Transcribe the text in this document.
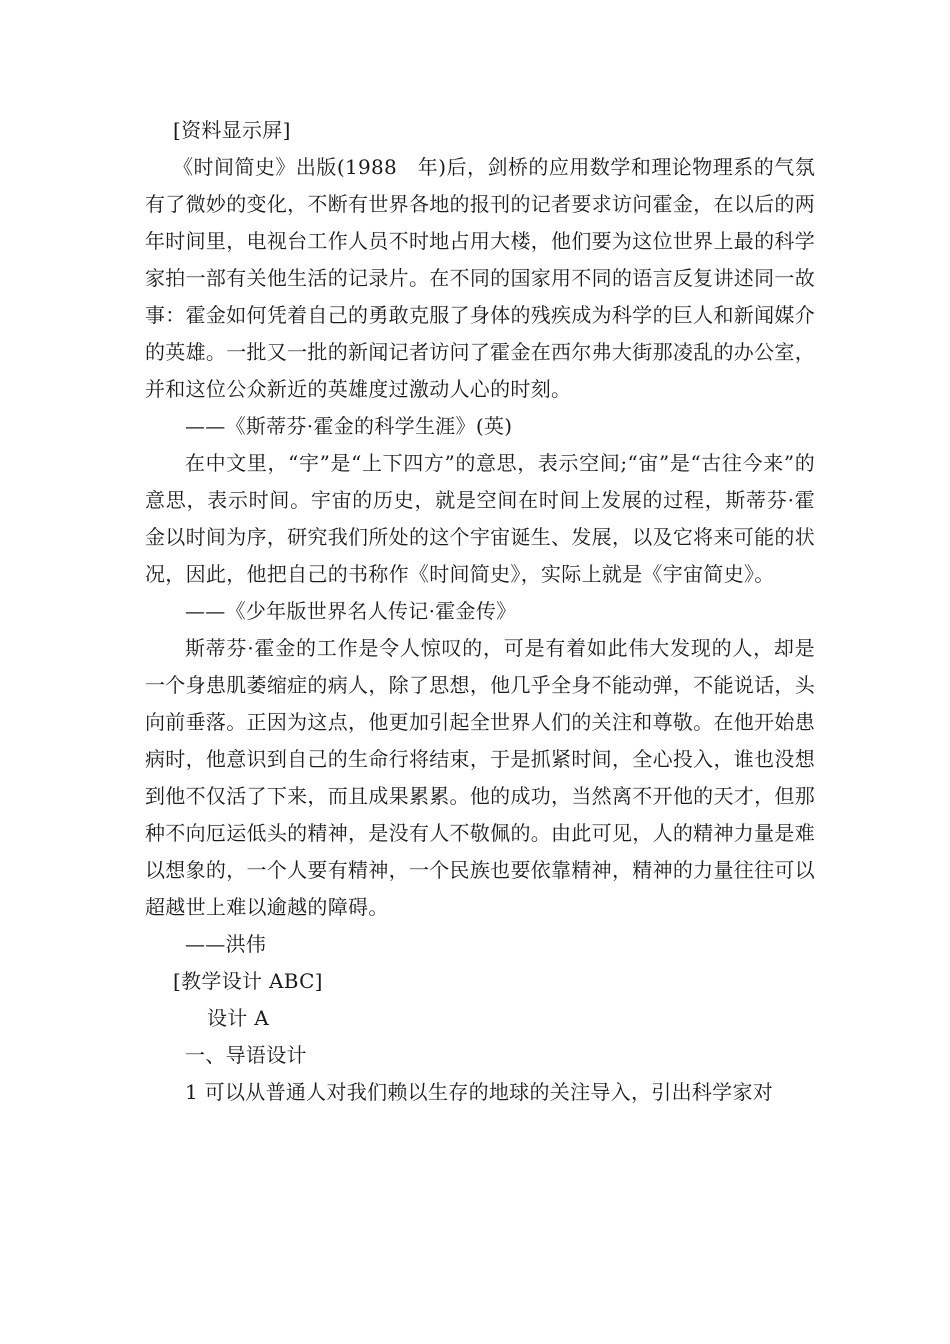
[资料显示屏]

《时间简史》出版(1988　年)后，剑桥的应用数学和理论物理系的气氛有了微妙的变化，不断有世界各地的报刊的记者要求访问霍金，在以后的两年时间里，电视台工作人员不时地占用大楼，他们要为这位世界上最的科学家拍一部有关他生活的记录片。在不同的国家用不同的语言反复讲述同一故事：霍金如何凭着自己的勇敢克服了身体的残疾成为科学的巨人和新闻媒介的英雄。一批又一批的新闻记者访问了霍金在西尔弗大街那凌乱的办公室，并和这位公众新近的英雄度过激动人心的时刻。

——《斯蒂芬·霍金的科学生涯》(英)

在中文里，“宇”是“上下四方”的意思，表示空间;“宙”是“古往今来”的意思，表示时间。宇宙的历史，就是空间在时间上发展的过程，斯蒂芬·霍金以时间为序，研究我们所处的这个宇宙诞生、发展，以及它将来可能的状况，因此，他把自己的书称作《时间简史》，实际上就是《宇宙简史》。

——《少年版世界名人传记·霍金传》

斯蒂芬·霍金的工作是令人惊叹的，可是有着如此伟大发现的人，却是一个身患肌萎缩症的病人，除了思想，他几乎全身不能动弹，不能说话，头向前垂落。正因为这点，他更加引起全世界人们的关注和尊敬。在他开始患病时，他意识到自己的生命行将结束，于是抓紧时间，全心投入，谁也没想到他不仅活了下来，而且成果累累。他的成功，当然离不开他的天才，但那种不向厄运低头的精神，是没有人不敬佩的。由此可见，人的精神力量是难以想象的，一个人要有精神，一个民族也要依靠精神，精神的力量往往可以超越世上难以逾越的障碍。

——洪伟

[教学设计 ABC]

设计 A

一、导语设计

1 可以从普通人对我们赖以生存的地球的关注导入，引出科学家对
